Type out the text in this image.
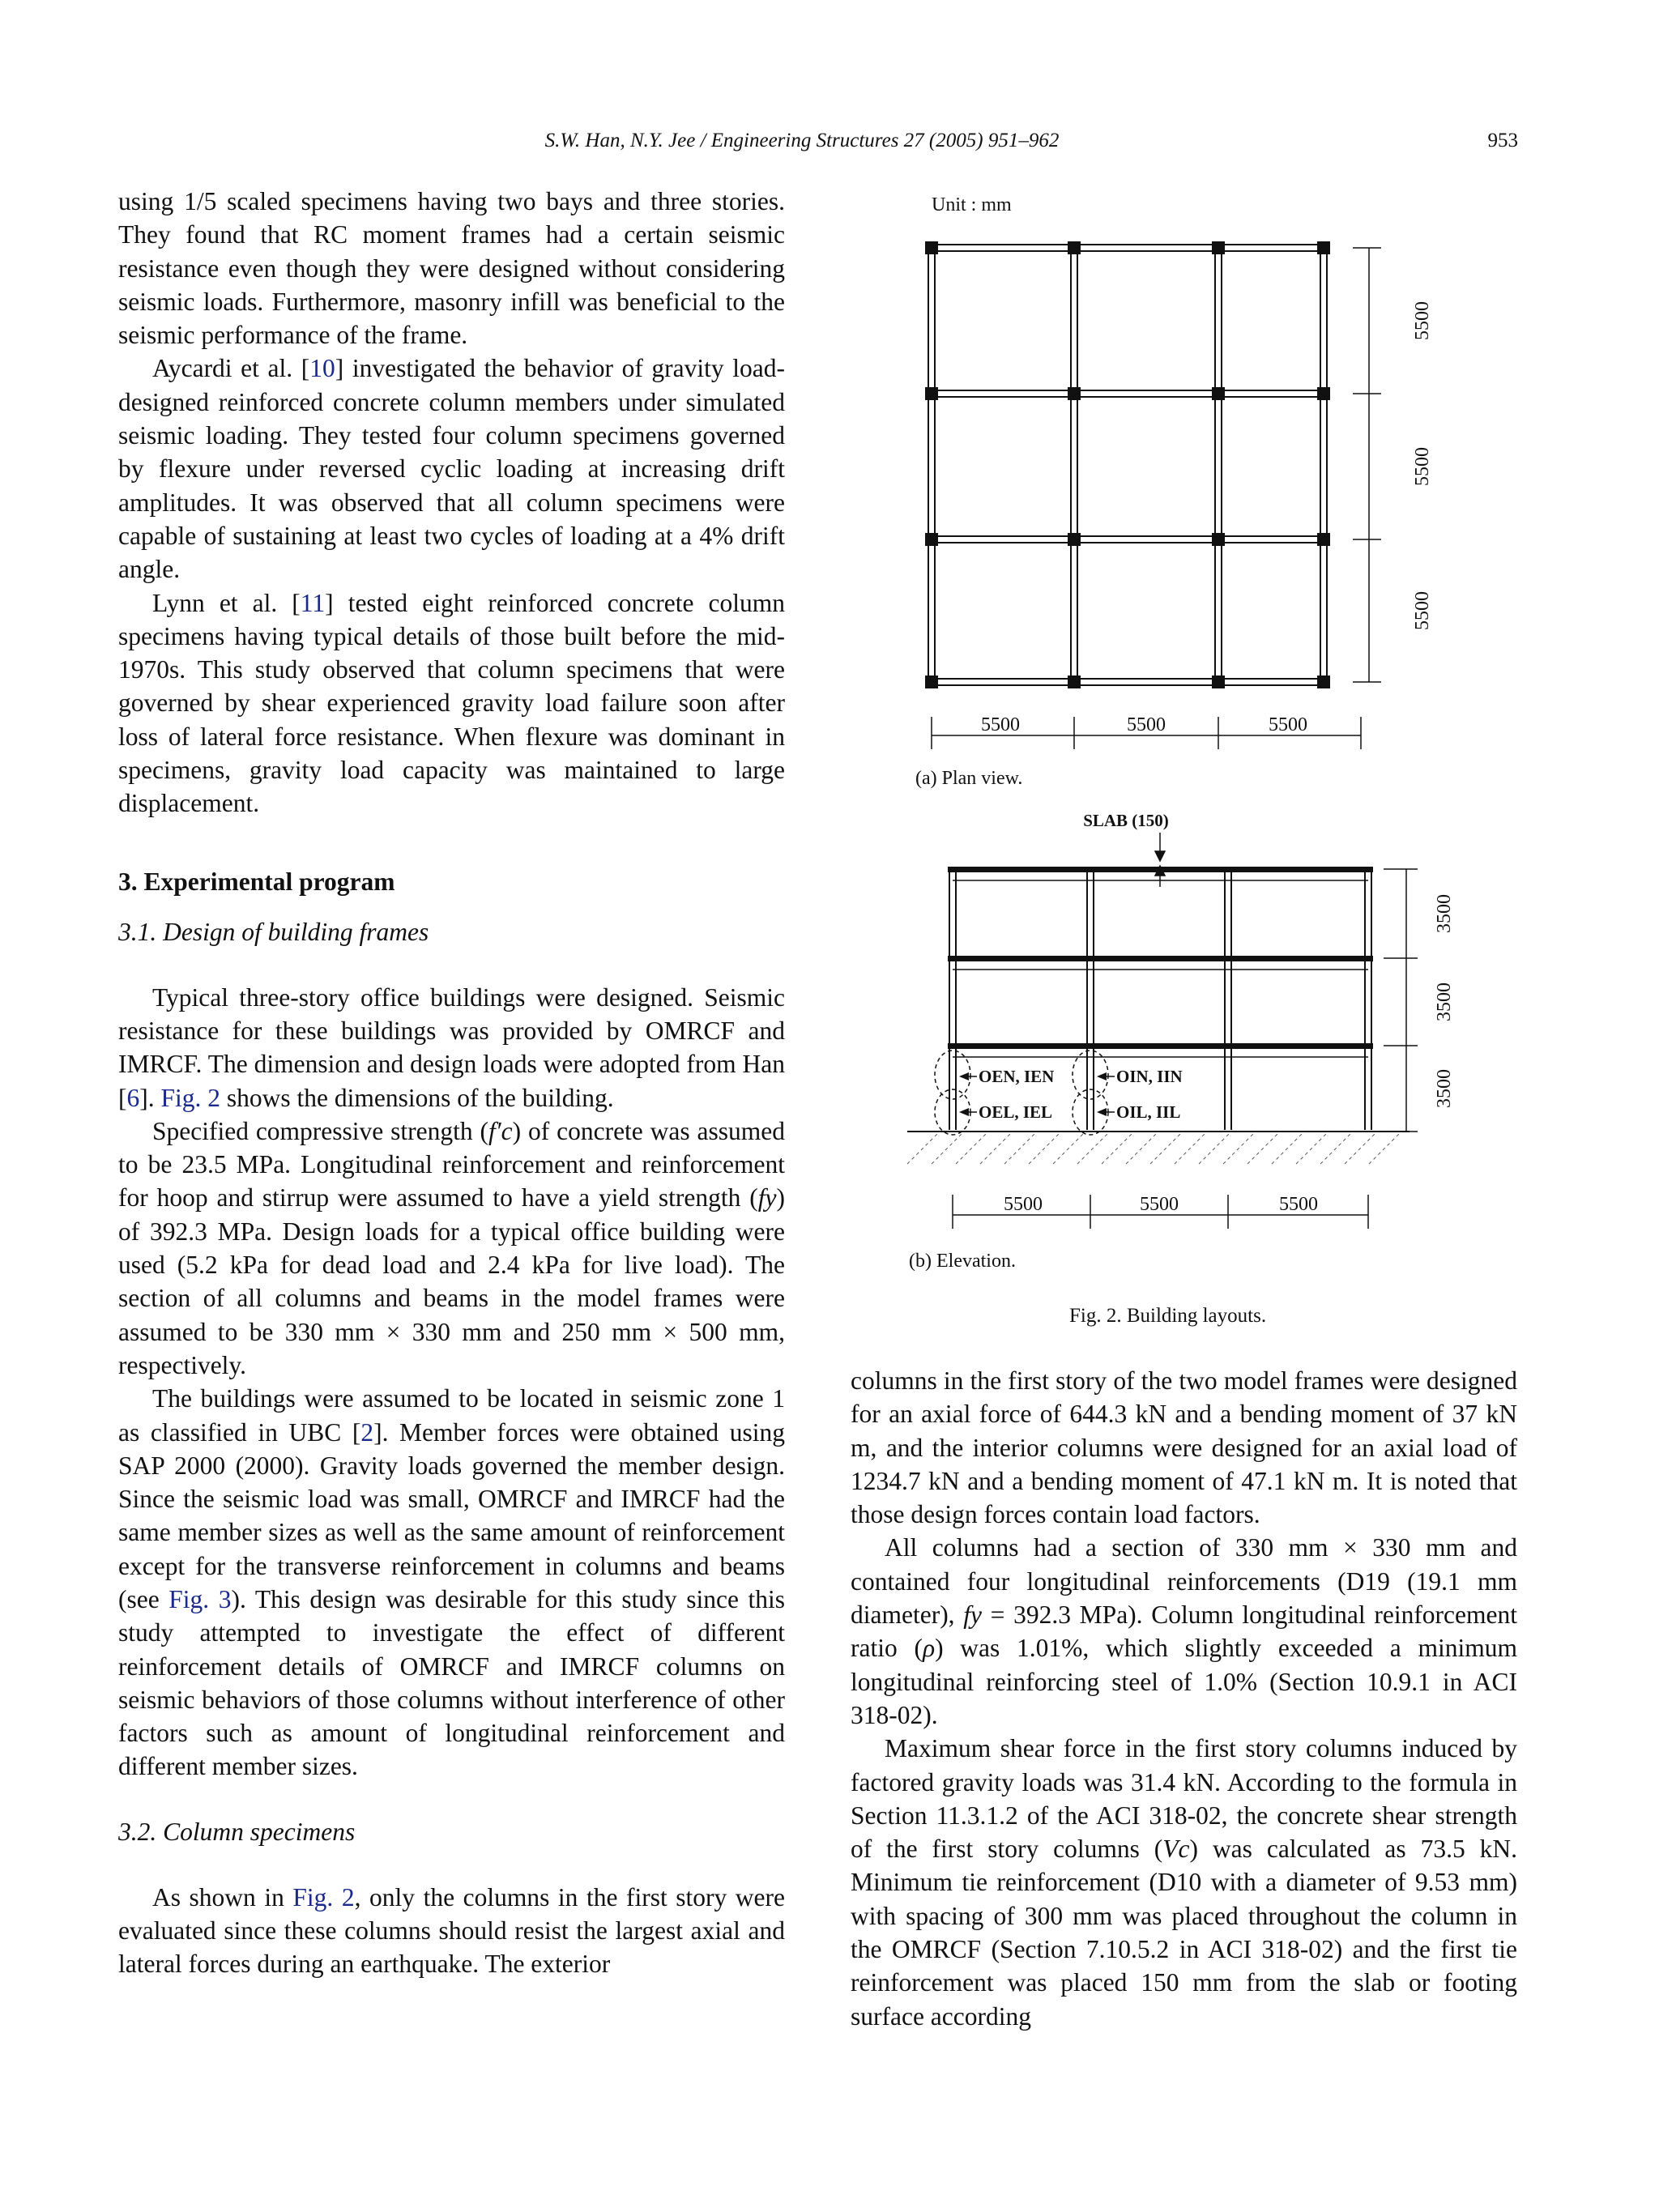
S.W. Han, N.Y. Jee / Engineering Structures 27 (2005) 951–962	953

using 1/5 scaled specimens having two bays and three stories. They found that RC moment frames had a certain seismic resistance even though they were designed without considering seismic loads. Furthermore, masonry infill was beneficial to the seismic performance of the frame.

Aycardi et al. [10] investigated the behavior of gravity load-designed reinforced concrete column members under simulated seismic loading. They tested four column specimens governed by flexure under reversed cyclic loading at increasing drift amplitudes. It was observed that all column specimens were capable of sustaining at least two cycles of loading at a 4% drift angle.

Lynn et al. [11] tested eight reinforced concrete column specimens having typical details of those built before the mid-1970s. This study observed that column specimens that were governed by shear experienced gravity load failure soon after loss of lateral force resistance. When flexure was dominant in specimens, gravity load capacity was maintained to large displacement.

3. Experimental program
3.1. Design of building frames

Typical three-story office buildings were designed. Seismic resistance for these buildings was provided by OMRCF and IMRCF. The dimension and design loads were adopted from Han [6]. Fig. 2 shows the dimensions of the building.

Specified compressive strength (f′c) of concrete was assumed to be 23.5 MPa. Longitudinal reinforcement and reinforcement for hoop and stirrup were assumed to have a yield strength (fy) of 392.3 MPa. Design loads for a typical office building were used (5.2 kPa for dead load and 2.4 kPa for live load). The section of all columns and beams in the model frames were assumed to be 330 mm × 330 mm and 250 mm × 500 mm, respectively.

The buildings were assumed to be located in seismic zone 1 as classified in UBC [2]. Member forces were obtained using SAP 2000 (2000). Gravity loads governed the member design. Since the seismic load was small, OMRCF and IMRCF had the same member sizes as well as the same amount of reinforcement except for the transverse reinforcement in columns and beams (see Fig. 3). This design was desirable for this study since this study attempted to investigate the effect of different reinforcement details of OMRCF and IMRCF columns on seismic behaviors of those columns without interference of other factors such as amount of longitudinal reinforcement and different member sizes.

3.2. Column specimens

As shown in Fig. 2, only the columns in the first story were evaluated since these columns should resist the largest axial and lateral forces during an earthquake. The exterior

Unit : mm
5500
5500
5500
5500	5500	5500
(a) Plan view.
SLAB (150)
OEN, IEN	OIN, IIN
OEL, IEL	OIL, IIL
3500
3500
3500
5500	5500	5500
(b) Elevation.
Fig. 2. Building layouts.

columns in the first story of the two model frames were designed for an axial force of 644.3 kN and a bending moment of 37 kN m, and the interior columns were designed for an axial load of 1234.7 kN and a bending moment of 47.1 kN m. It is noted that those design forces contain load factors.

All columns had a section of 330 mm × 330 mm and contained four longitudinal reinforcements (D19 (19.1 mm diameter), fy = 392.3 MPa). Column longitudinal reinforcement ratio (ρ) was 1.01%, which slightly exceeded a minimum longitudinal reinforcing steel of 1.0% (Section 10.9.1 in ACI 318-02).

Maximum shear force in the first story columns induced by factored gravity loads was 31.4 kN. According to the formula in Section 11.3.1.2 of the ACI 318-02, the concrete shear strength of the first story columns (Vc) was calculated as 73.5 kN. Minimum tie reinforcement (D10 with a diameter of 9.53 mm) with spacing of 300 mm was placed throughout the column in the OMRCF (Section 7.10.5.2 in ACI 318-02) and the first tie reinforcement was placed 150 mm from the slab or footing surface according
